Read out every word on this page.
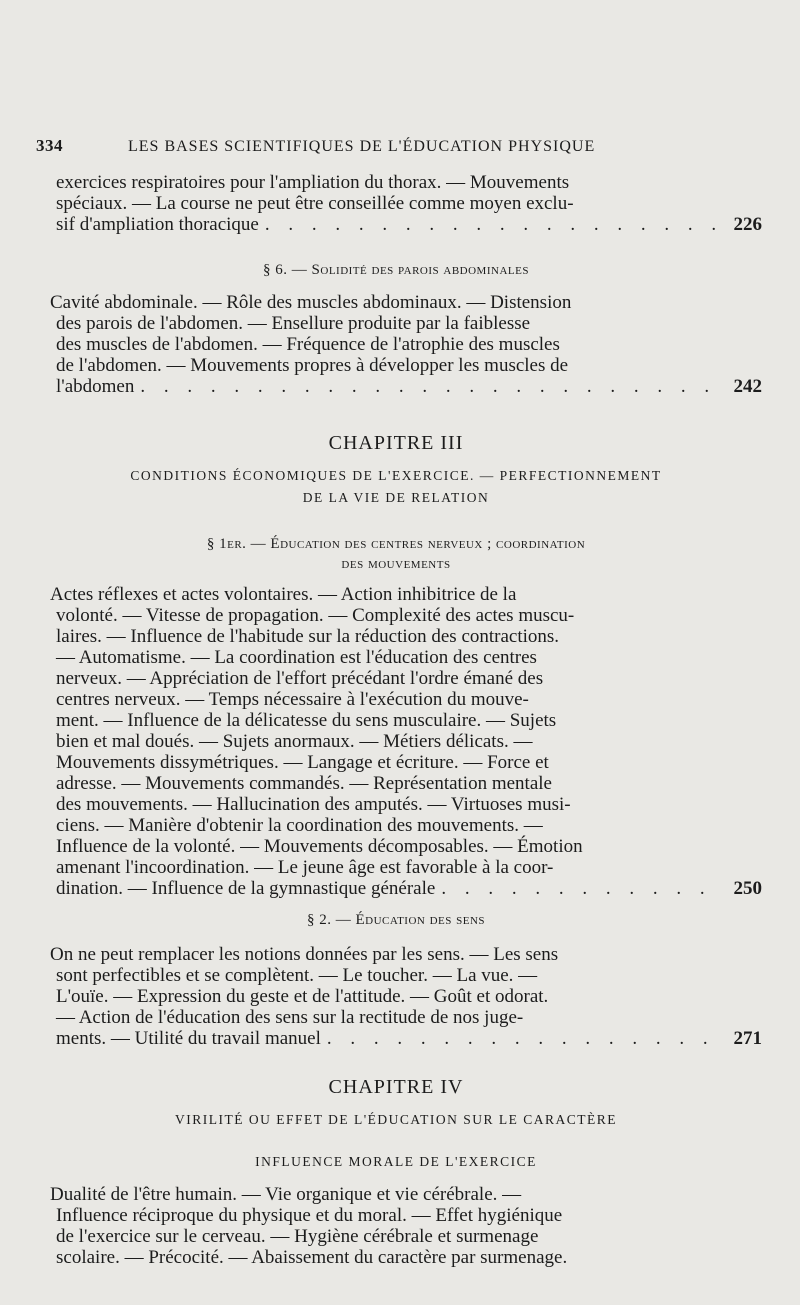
334	LES BASES SCIENTIFIQUES DE L'ÉDUCATION PHYSIQUE
exercices respiratoires pour l'ampliation du thorax. — Mouvements
spéciaux. — La course ne peut être conseillée comme moyen exclu-
sif d'ampliation thoracique . . .	226
§ 6. — Solidité des parois abdominales
Cavité abdominale. — Rôle des muscles abdominaux. — Distension
des parois de l'abdomen. — Ensellure produite par la faiblesse
des muscles de l'abdomen. — Fréquence de l'atrophie des muscles
de l'abdomen. — Mouvements propres à développer les muscles de
l'abdomen . . .	242
CHAPITRE III
CONDITIONS ÉCONOMIQUES DE L'EXERCICE. — PERFECTIONNEMENT
DE LA VIE DE RELATION
§ 1er. — Éducation des centres nerveux ; coordination
des mouvements
Actes réflexes et actes volontaires. — Action inhibitrice de la
volonté. — Vitesse de propagation. — Complexité des actes muscu-
laires. — Influence de l'habitude sur la réduction des contractions.
— Automatisme. — La coordination est l'éducation des centres
nerveux. — Appréciation de l'effort précédant l'ordre émané des
centres nerveux. — Temps nécessaire à l'exécution du mouve-
ment. — Influence de la délicatesse du sens musculaire. — Sujets
bien et mal doués. — Sujets anormaux. — Métiers délicats. —
Mouvements dissymétriques. — Langage et écriture. — Force et
adresse. — Mouvements commandés. — Représentation mentale
des mouvements. — Hallucination des amputés. — Virtuoses musi-
ciens. — Manière d'obtenir la coordination des mouvements. —
Influence de la volonté. — Mouvements décomposables. — Émotion
amenant l'incoordination. — Le jeune âge est favorable à la coor-
dination. — Influence de la gymnastique générale . . .	250
§ 2. — Éducation des sens
On ne peut remplacer les notions données par les sens. — Les sens
sont perfectibles et se complètent. — Le toucher. — La vue. —
L'ouïe. — Expression du geste et de l'attitude. — Goût et odorat.
— Action de l'éducation des sens sur la rectitude de nos juge-
ments. — Utilité du travail manuel . . .	271
CHAPITRE IV
VIRILITÉ OU EFFET DE L'ÉDUCATION SUR LE CARACTÈRE
INFLUENCE MORALE DE L'EXERCICE
Dualité de l'être humain. — Vie organique et vie cérébrale. —
Influence réciproque du physique et du moral. — Effet hygiénique
de l'exercice sur le cerveau. — Hygiène cérébrale et surmenage
scolaire. — Précocité. — Abaissement du caractère par surmenage.
